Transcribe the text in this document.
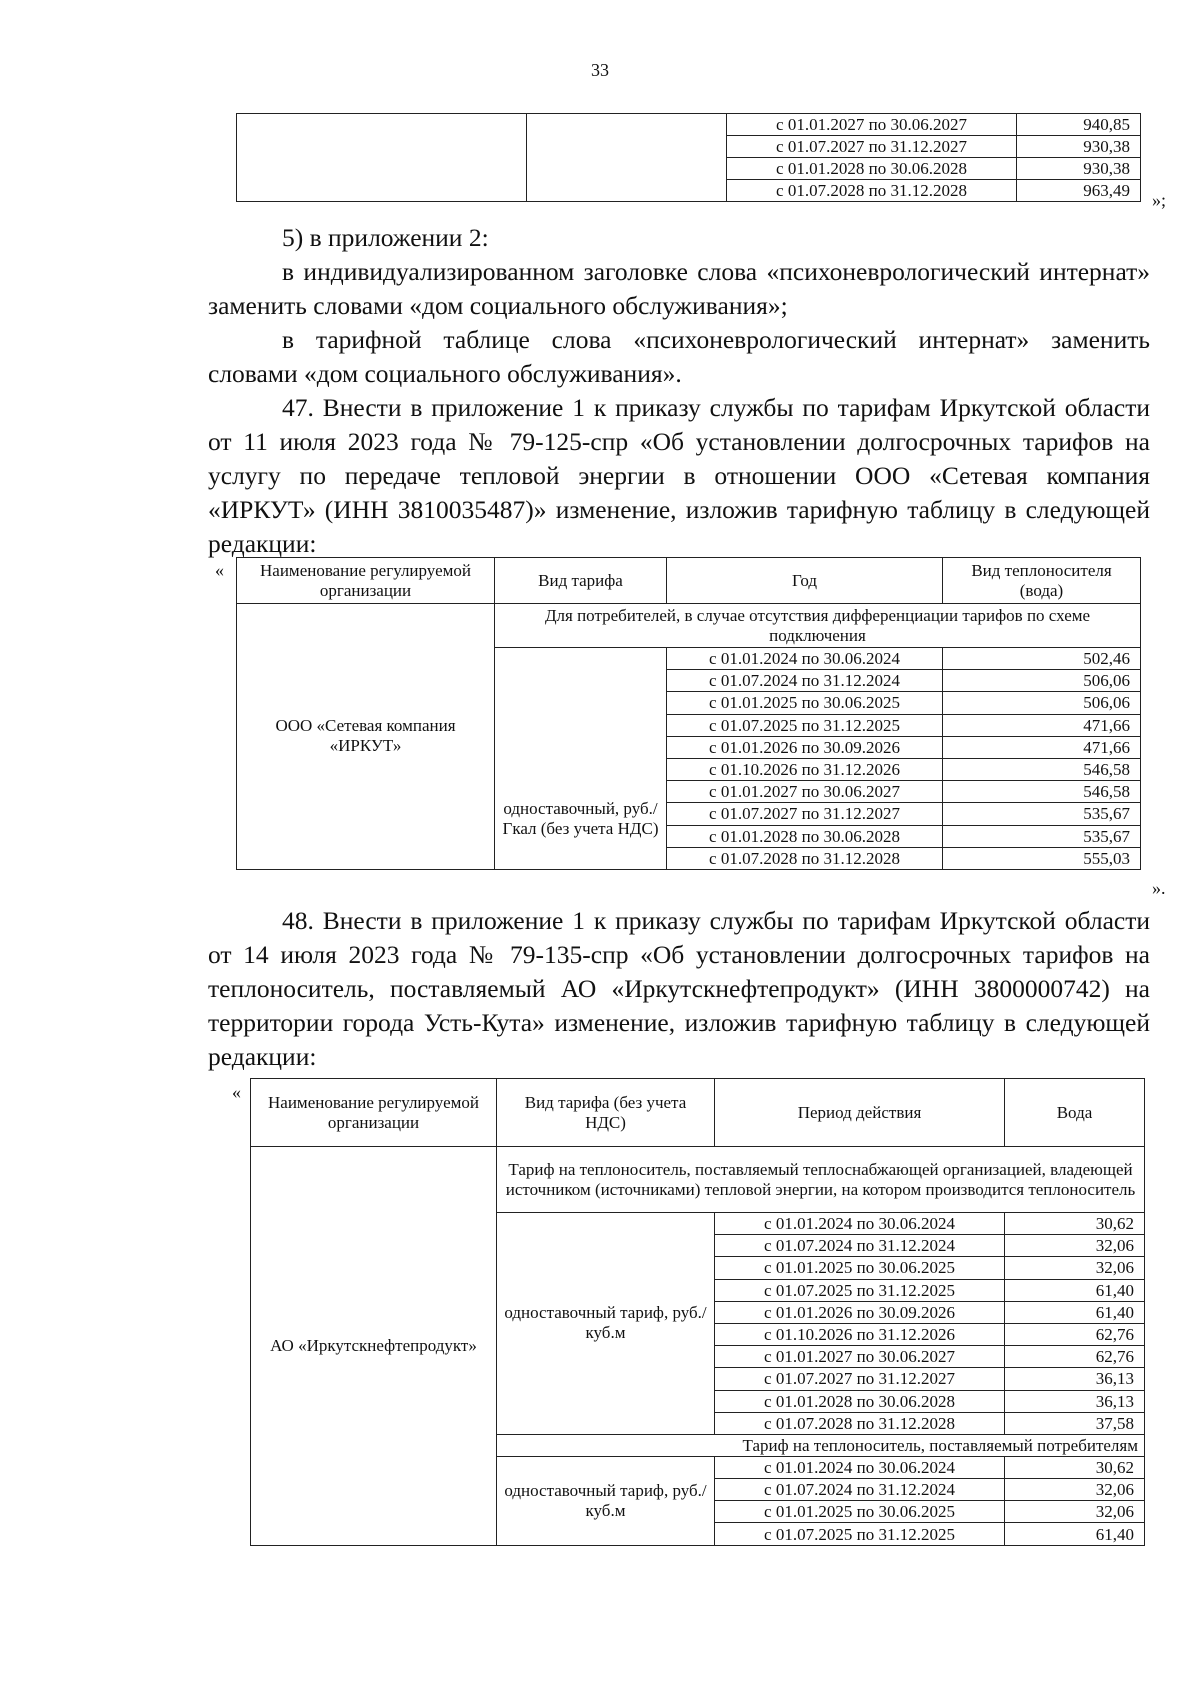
33
		с 01.01.2027 по 30.06.2027	940,85
		с 01.07.2027 по 31.12.2027	930,38
		с 01.01.2028 по 30.06.2028	930,38
		с 01.07.2028 по 31.12.2028	963,49 »;

5) в приложении 2:

в индивидуализированном заголовке слова «психоневрологический интернат» заменить словами «дом социального обслуживания»;

в тарифной таблице слова «психоневрологический интернат» заменить словами «дом социального обслуживания».

47. Внести в приложение 1 к приказу службы по тарифам Иркутской области от 11 июля 2023 года № 79-125-спр «Об установлении долгосрочных тарифов на услугу по передаче тепловой энергии в отношении ООО «Сетевая компания «ИРКУТ» (ИНН 3810035487)» изменение, изложив тарифную таблицу в следующей редакции:

« Наименование регулируемой организации	Вид тарифа	Год	Вид теплоносителя (вода)
ООО «Сетевая компания «ИРКУТ»	Для потребителей, в случае отсутствия дифференциации тарифов по схеме подключения		
	одноставочный, руб./Гкал (без учета НДС)	с 01.01.2024 по 30.06.2024	502,46
		с 01.07.2024 по 31.12.2024	506,06
		с 01.01.2025 по 30.06.2025	506,06
		с 01.07.2025 по 31.12.2025	471,66
		с 01.01.2026 по 30.09.2026	471,66
		с 01.10.2026 по 31.12.2026	546,58
		с 01.01.2027 по 30.06.2027	546,58
		с 01.07.2027 по 31.12.2027	535,67
		с 01.01.2028 по 30.06.2028	535,67
		с 01.07.2028 по 31.12.2028	555,03
».

48. Внести в приложение 1 к приказу службы по тарифам Иркутской области от 14 июля 2023 года № 79-135-спр «Об установлении долгосрочных тарифов на теплоноситель, поставляемый АО «Иркутскнефтепродукт» (ИНН 3800000742) на территории города Усть-Кута» изменение, изложив тарифную таблицу в следующей редакции:

« Наименование регулируемой организации	Вид тарифа (без учета НДС)	Период действия	Вода
АО «Иркутскнефтепродукт»	Тариф на теплоноситель, поставляемый теплоснабжающей организацией, владеющей источником (источниками) тепловой энергии, на котором производится теплоноситель		
	одноставочный тариф, руб./куб.м	с 01.01.2024 по 30.06.2024	30,62
		с 01.07.2024 по 31.12.2024	32,06
		с 01.01.2025 по 30.06.2025	32,06
		с 01.07.2025 по 31.12.2025	61,40
		с 01.01.2026 по 30.09.2026	61,40
		с 01.10.2026 по 31.12.2026	62,76
		с 01.01.2027 по 30.06.2027	62,76
		с 01.07.2027 по 31.12.2027	36,13
		с 01.01.2028 по 30.06.2028	36,13
		с 01.07.2028 по 31.12.2028	37,58
	Тариф на теплоноситель, поставляемый потребителям		
	одноставочный тариф, руб./куб.м	с 01.01.2024 по 30.06.2024	30,62
		с 01.07.2024 по 31.12.2024	32,06
		с 01.01.2025 по 30.06.2025	32,06
		с 01.07.2025 по 31.12.2025	61,40
